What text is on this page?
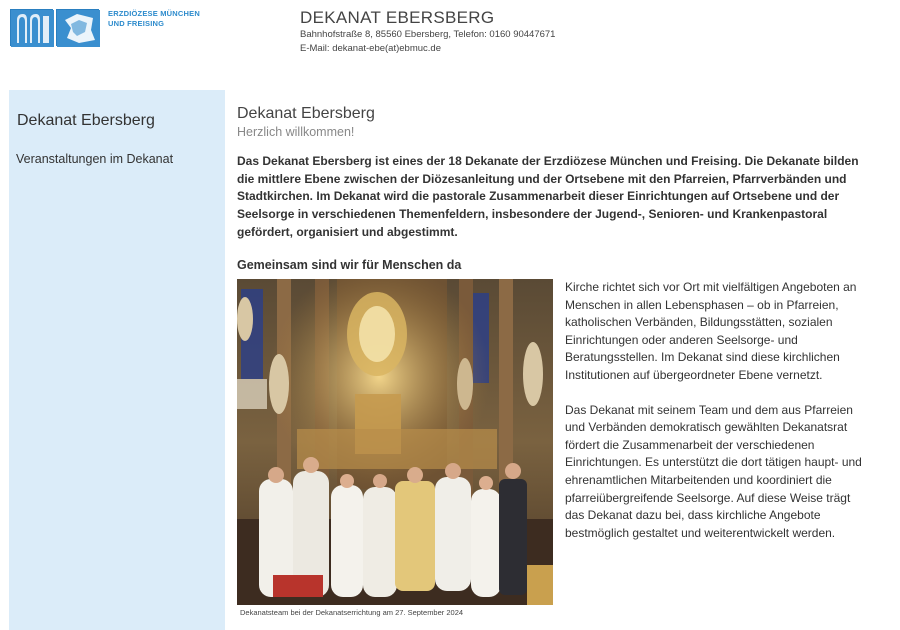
ERZDIÖZESE MÜNCHEN
UND FREISING	DEKANAT EBERSBERG
Bahnhofstraße 8, 85560 Ebersberg, Telefon: 0160 90447671
E-Mail: dekanat-ebe(at)ebmuc.de
Dekanat Ebersberg
Veranstaltungen im Dekanat
Dekanat Ebersberg
Herzlich willkommen!
Das Dekanat Ebersberg ist eines der 18 Dekanate der Erzdiözese München und Freising. Die Dekanate bilden die mittlere Ebene zwischen der Diözesanleitung und der Ortsebene mit den Pfarreien, Pfarrverbänden und Stadtkirchen. Im Dekanat wird die pastorale Zusammenarbeit dieser Einrichtungen auf Ortsebene und der Seelsorge in verschiedenen Themenfeldern, insbesondere der Jugend-, Senioren- und Krankenpastoral gefördert, organisiert und abgestimmt.
Gemeinsam sind wir für Menschen da
Dekanatsteam bei der Dekanatserrichtung am 27. September 2024

Kirche richtet sich vor Ort mit vielfältigen Angeboten an Menschen in allen Lebensphasen – ob in Pfarreien, katholischen Verbänden, Bildungsstätten, sozialen Einrichtungen oder anderen Seelsorge- und Beratungsstellen. Im Dekanat sind diese kirchlichen Institutionen auf übergeordneter Ebene vernetzt.

Das Dekanat mit seinem Team und dem aus Pfarreien und Verbänden demokratisch gewählten Dekanatsrat fördert die Zusammenarbeit der verschiedenen Einrichtungen. Es unterstützt die dort tätigen haupt- und ehrenamtlichen Mitarbeitenden und koordiniert die pfarreiübergreifende Seelsorge. Auf diese Weise trägt das Dekanat dazu bei, dass kirchliche Angebote bestmöglich gestaltet und weiterentwickelt werden.
